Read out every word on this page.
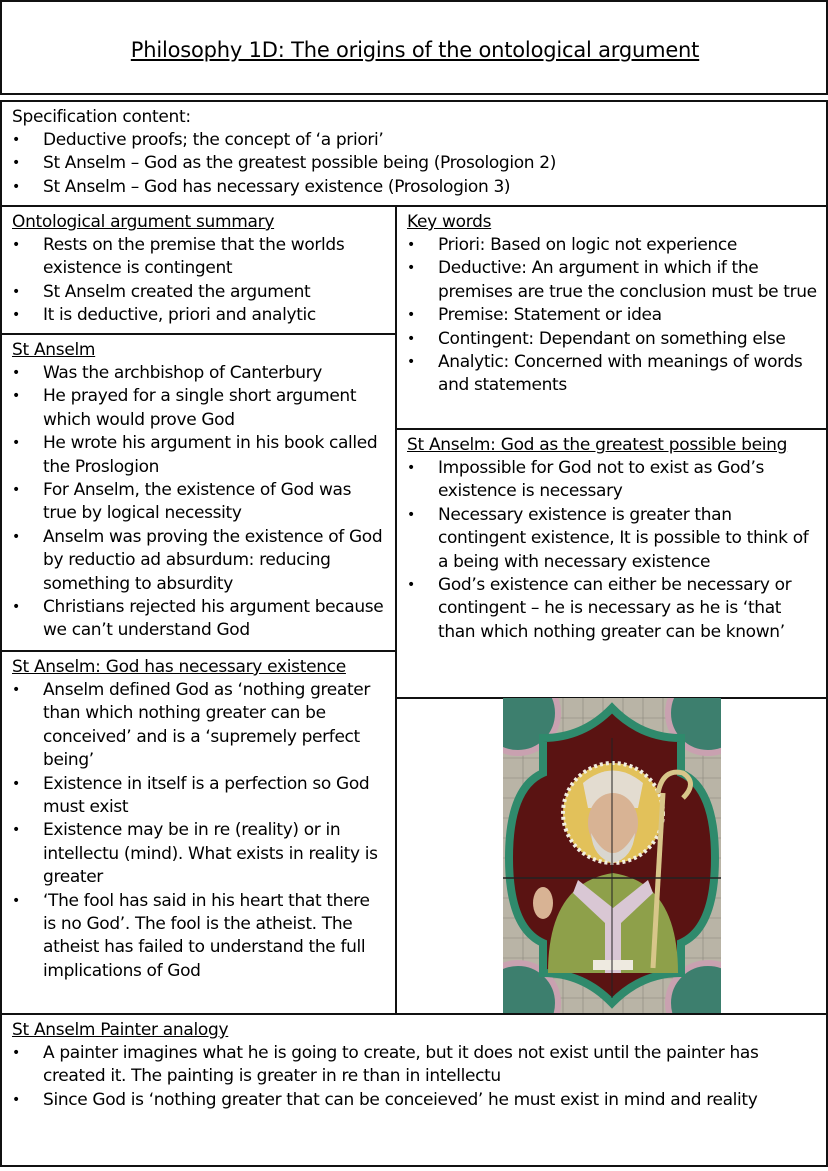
Philosophy 1D: The origins of the ontological argument
Specification content:
• Deductive proofs; the concept of ‘a priori’
• St Anselm – God as the greatest possible being (Prosologion 2)
• St Anselm – God has necessary existence (Prosologion 3)
Ontological argument summary
• Rests on the premise that the worlds existence is contingent
• St Anselm created the argument
• It is deductive, priori and analytic
St Anselm
• Was the archbishop of Canterbury
• He prayed for a single short argument which would prove God
• He wrote his argument in his book called the Proslogion
• For Anselm, the existence of God was true by logical necessity
• Anselm was proving the existence of God by reductio ad absurdum: reducing something to absurdity
• Christians rejected his argument because we can’t understand God
St Anselm: God has necessary existence
• Anselm defined God as ‘nothing greater than which nothing greater can be conceived’ and is a ‘supremely perfect being’
• Existence in itself is a perfection so God must exist
• Existence may be in re (reality) or in intellectu (mind). What exists in reality is greater
• ‘The fool has said in his heart that there is no God’. The fool is the atheist. The atheist has failed to understand the full implications of God
Key words
• Priori: Based on logic not experience
• Deductive: An argument in which if the premises are true the conclusion must be true
• Premise: Statement or idea
• Contingent: Dependant on something else
• Analytic: Concerned with meanings of words and statements
St Anselm: God as the greatest possible being
• Impossible for God not to exist as God’s existence is necessary
• Necessary existence is greater than contingent existence, It is possible to think of a being with necessary existence
• God’s existence can either be necessary or contingent – he is necessary as he is ‘that than which nothing greater can be known’
St Anselm Painter analogy
• A painter imagines what he is going to create, but it does not exist until the painter has created it. The painting is greater in re than in intellectu
• Since God is ‘nothing greater that can be conceieved’ he must exist in mind and reality
